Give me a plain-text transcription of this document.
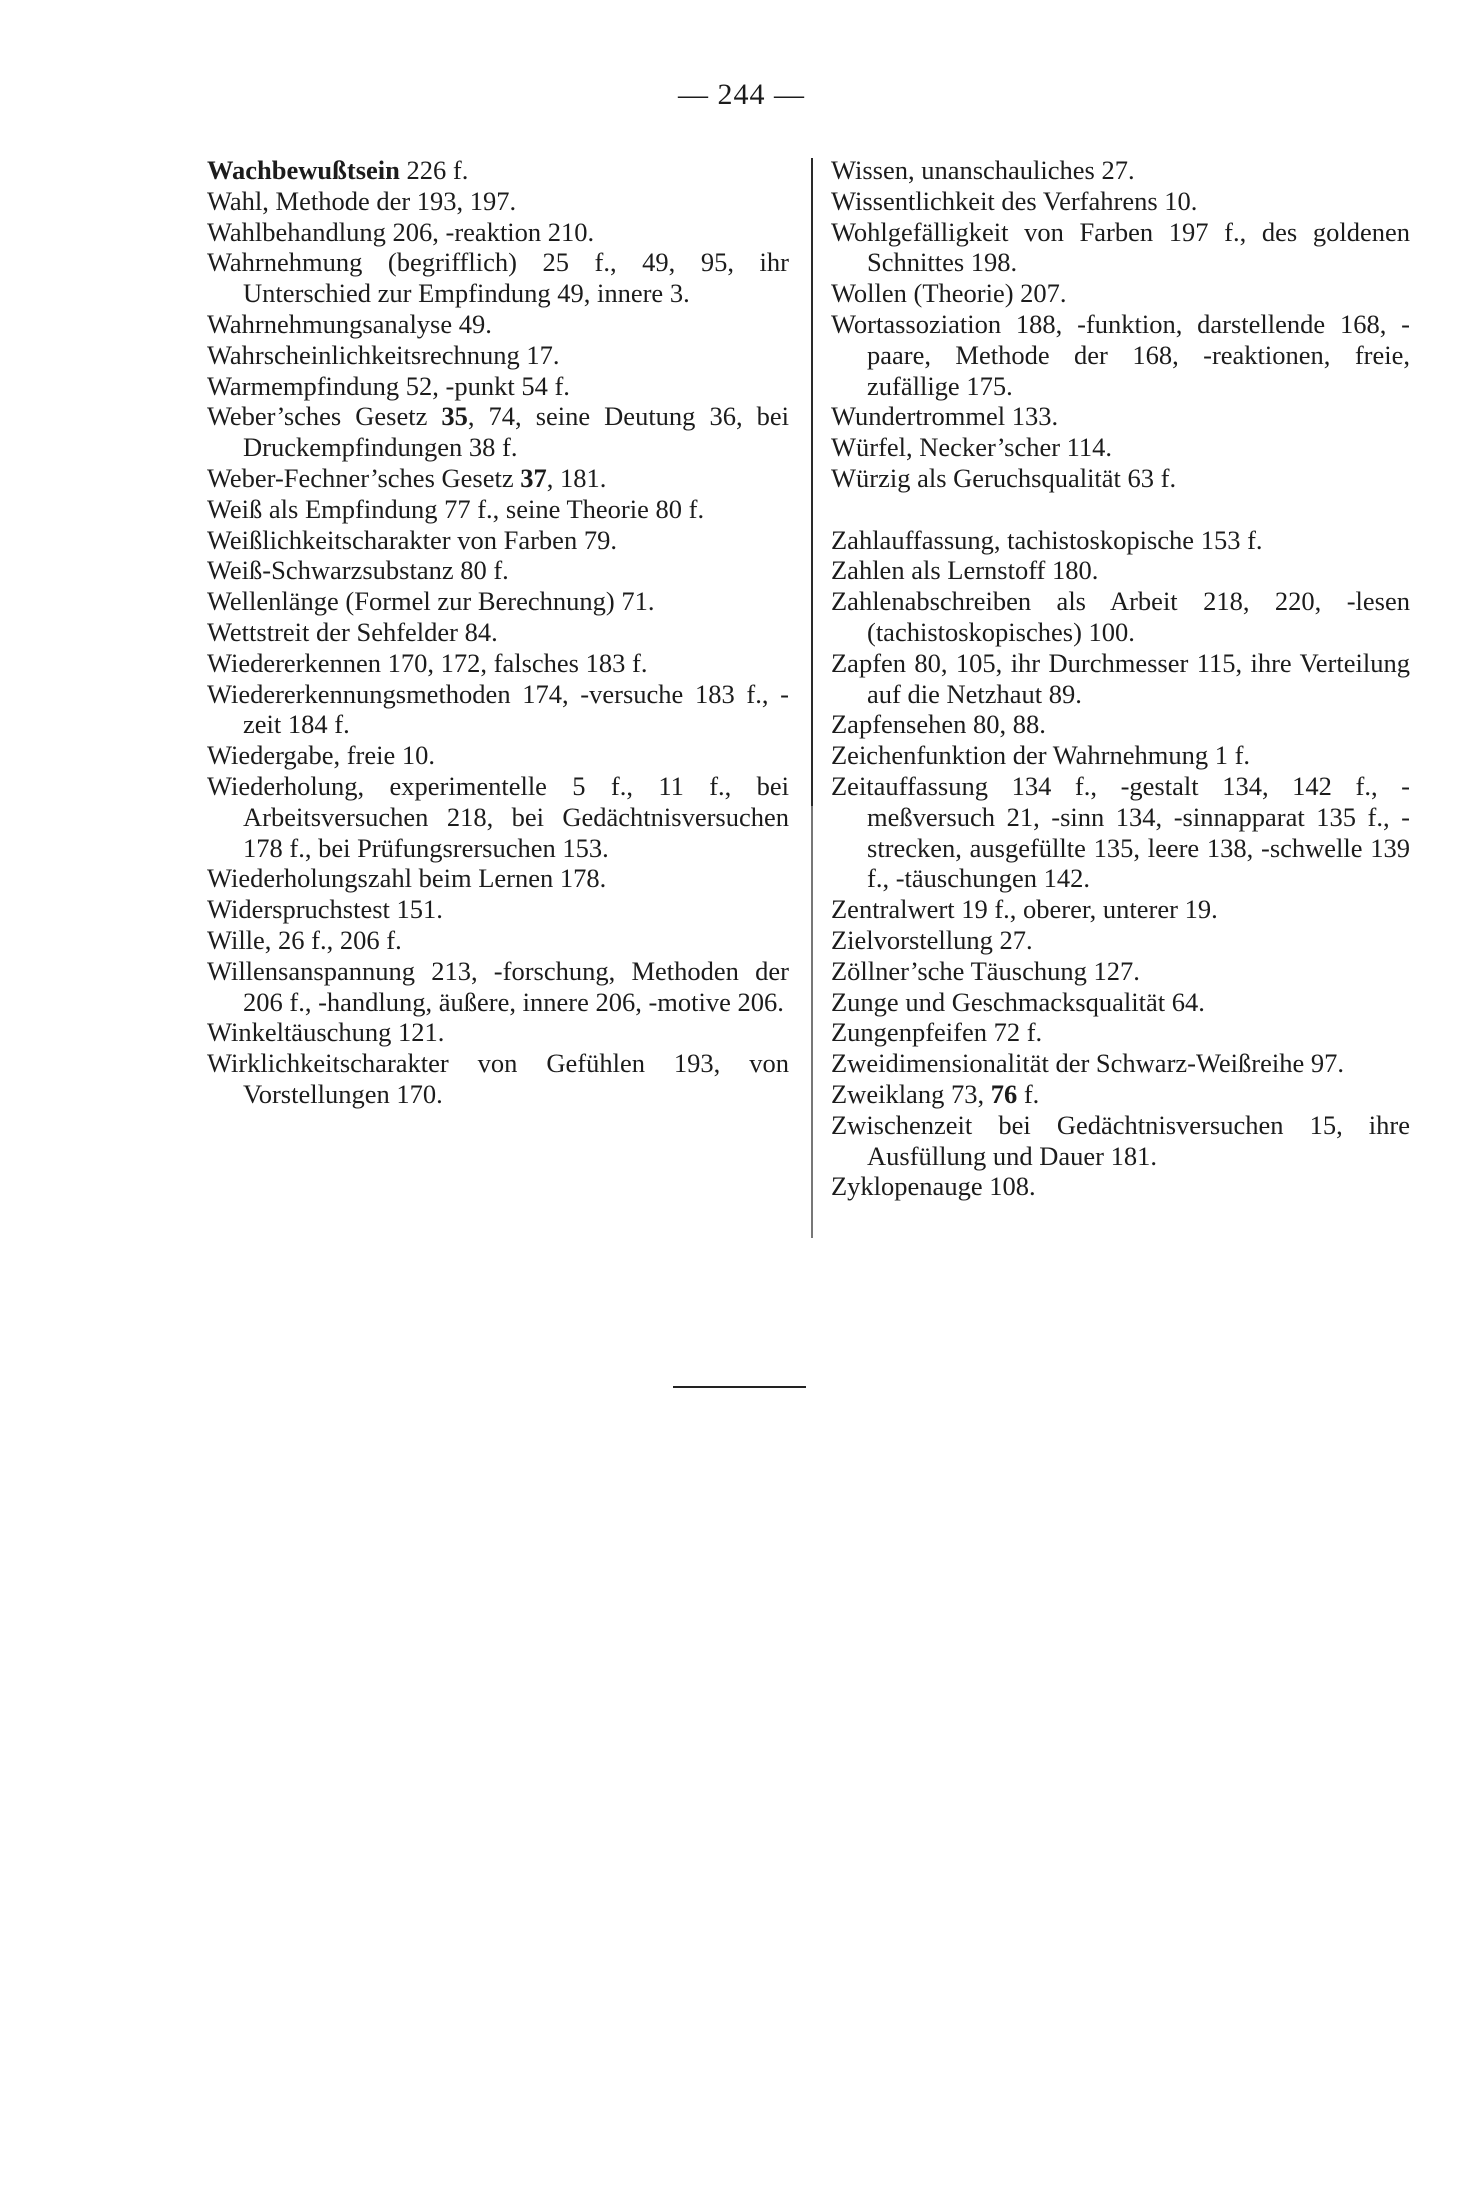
— 244 —
Wachbewußtsein 226 f.
Wahl, Methode der 193, 197.
Wahlbehandlung 206, -reaktion 210.
Wahrnehmung (begrifflich) 25 f., 49, 95, ihr Unterschied zur Empfindung 49, innere 3.
Wahrnehmungsanalyse 49.
Wahrscheinlichkeitsrechnung 17.
Warmempfindung 52, -punkt 54 f.
Weber’sches Gesetz 35, 74, seine Deutung 36, bei Druckempfindungen 38 f.
Weber-Fechner’sches Gesetz 37, 181.
Weiß als Empfindung 77 f., seine Theorie 80 f.
Weißlichkeitscharakter von Farben 79.
Weiß-Schwarzsubstanz 80 f.
Wellenlänge (Formel zur Berechnung) 71.
Wettstreit der Sehfelder 84.
Wiedererkennen 170, 172, falsches 183 f.
Wiedererkennungsmethoden 174, -versuche 183 f., -zeit 184 f.
Wiedergabe, freie 10.
Wiederholung, experimentelle 5 f., 11 f., bei Arbeitsversuchen 218, bei Gedächtnisversuchen 178 f., bei Prüfungsrersuchen 153.
Wiederholungszahl beim Lernen 178.
Widerspruchstest 151.
Wille, 26 f., 206 f.
Willensanspannung 213, -forschung, Methoden der 206 f., -handlung, äußere, innere 206, -motive 206.
Winkeltäuschung 121.
Wirklichkeitscharakter von Gefühlen 193, von Vorstellungen 170.
Wissen, unanschauliches 27.
Wissentlichkeit des Verfahrens 10.
Wohlgefälligkeit von Farben 197 f., des goldenen Schnittes 198.
Wollen (Theorie) 207.
Wortassoziation 188, -funktion, darstellende 168, -paare, Methode der 168, -reaktionen, freie, zufällige 175.
Wundertrommel 133.
Würfel, Necker’scher 114.
Würzig als Geruchsqualität 63 f.
Zahlauffassung, tachistoskopische 153 f.
Zahlen als Lernstoff 180.
Zahlenabschreiben als Arbeit 218, 220, -lesen (tachistoskopisches) 100.
Zapfen 80, 105, ihr Durchmesser 115, ihre Verteilung auf die Netzhaut 89.
Zapfensehen 80, 88.
Zeichenfunktion der Wahrnehmung 1 f.
Zeitauffassung 134 f., -gestalt 134, 142 f., -meßversuch 21, -sinn 134, -sinnapparat 135 f., -strecken, ausgefüllte 135, leere 138, -schwelle 139 f., -täuschungen 142.
Zentralwert 19 f., oberer, unterer 19.
Zielvorstellung 27.
Zöllner’sche Täuschung 127.
Zunge und Geschmacksqualität 64.
Zungenpfeifen 72 f.
Zweidimensionalität der Schwarz-Weißreihe 97.
Zweiklang 73, 76 f.
Zwischenzeit bei Gedächtnisversuchen 15, ihre Ausfüllung und Dauer 181.
Zyklopenauge 108.
